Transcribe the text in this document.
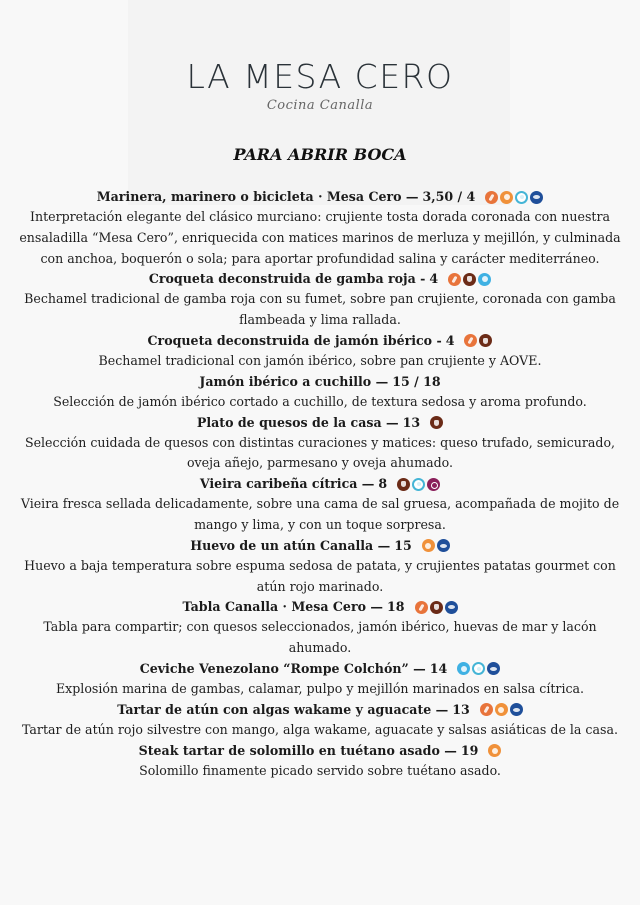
LA MESA CERO
Cocina Canalla
PARA ABRIR BOCA
Marinera, marinero o bicicleta · Mesa Cero — 3,50 / 4
Interpretación elegante del clásico murciano: crujiente tosta dorada coronada con nuestra ensaladilla “Mesa Cero”, enriquecida con matices marinos de merluza y mejillón, y culminada con anchoa, boquerón o sola; para aportar profundidad salina y carácter mediterráneo.
Croqueta deconstruida de gamba roja - 4
Bechamel tradicional de gamba roja con su fumet, sobre pan crujiente, coronada con gamba flambeada y lima rallada.
Croqueta deconstruida de jamón ibérico - 4
Bechamel tradicional con jamón ibérico, sobre pan crujiente y AOVE.
Jamón ibérico a cuchillo — 15 / 18
Selección de jamón ibérico cortado a cuchillo, de textura sedosa y aroma profundo.
Plato de quesos de la casa — 13
Selección cuidada de quesos con distintas curaciones y matices: queso trufado, semicurado, oveja añejo, parmesano y oveja ahumado.
Vieira caribeña cítrica — 8
Vieira fresca sellada delicadamente, sobre una cama de sal gruesa, acompañada de mojito de mango y lima, y con un toque sorpresa.
Huevo de un atún Canalla — 15
Huevo a baja temperatura sobre espuma sedosa de patata, y crujientes patatas gourmet con atún rojo marinado.
Tabla Canalla · Mesa Cero — 18
Tabla para compartir; con quesos seleccionados, jamón ibérico, huevas de mar y lacón ahumado.
Ceviche Venezolano “Rompe Colchón” — 14
Explosión marina de gambas, calamar, pulpo y mejillón marinados en salsa cítrica.
Tartar de atún con algas wakame y aguacate — 13
Tartar de atún rojo silvestre con mango, alga wakame, aguacate y salsas asiáticas de la casa.
Steak tartar de solomillo en tuétano asado — 19
Solomillo finamente picado servido sobre tuétano asado.
